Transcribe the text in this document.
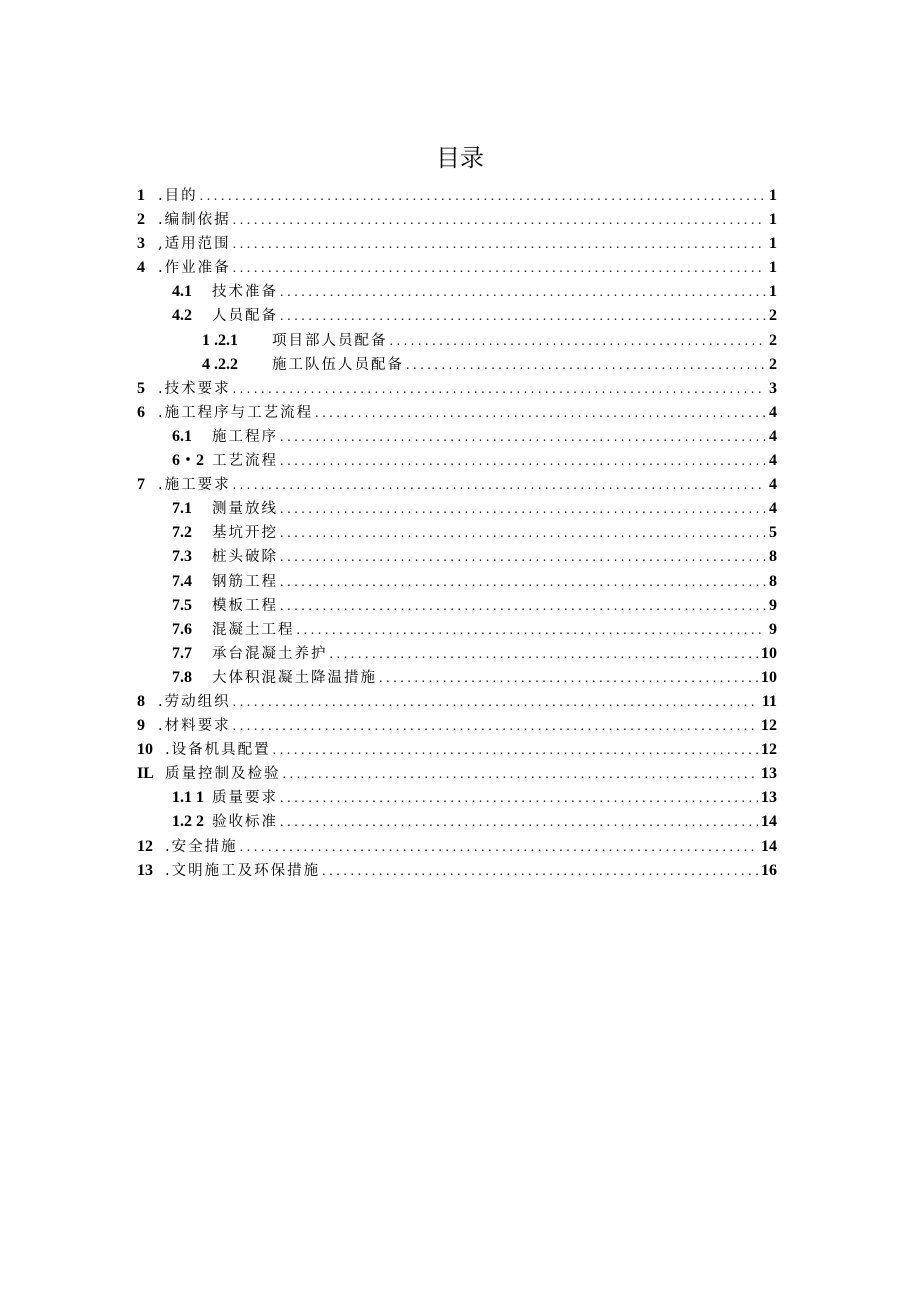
目录
1 .目的 .....	1
2 .编制依据 .....	1
3 ,适用范围 .....	1
4 .作业准备 .....	1
4.1	技术准备 .....	1
4.2	人员配备 .....	2
1 .2.1	项目部人员配备 .....	2
4 .2.2	施工队伍人员配备 .....	2
5 .技术要求 .....	3
6 .施工程序与工艺流程 .....	4
6.1	施工程序 .....	4
6・2 工艺流程 .....	4
7 .施工要求 .....	4
7.1	测量放线 .....	4
7.2	基坑开挖 .....	5
7.3	桩头破除 .....	8
7.4	钢筋工程 .....	8
7.5	模板工程 .....	9
7.6	混凝土工程 .....	9
7.7	承台混凝土养护 .....	10
7.8	大体积混凝土降温措施 .....	10
8 .劳动组织 .....	11
9 .材料要求 .....	12
10 .设备机具配置 .....	12
IL 质量控制及检验 .....	13
1.1 1 质量要求 .....	13
1.2 2 验收标准 .....	14
12 .安全措施 .....	14
13 .文明施工及环保措施 .....	16
